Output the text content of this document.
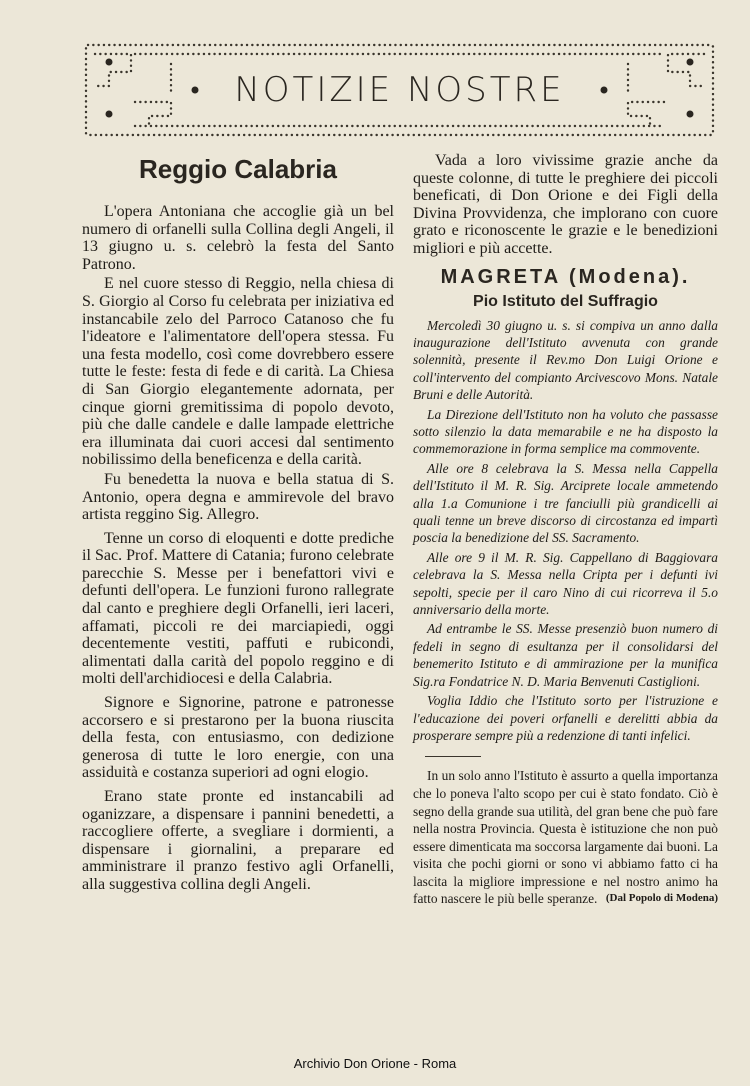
NOTIZIE NOSTRE
Reggio Calabria

L'opera Antoniana che accoglie già un bel numero di orfanelli sulla Collina degli Angeli, il 13 giugno u. s. celebrò la festa del Santo Patrono.

E nel cuore stesso di Reggio, nella chiesa di S. Giorgio al Corso fu celebrata per iniziativa ed instancabile zelo del Parroco Catanoso che fu l'ideatore e l'alimentatore dell'opera stessa. Fu una festa modello, così come dovrebbero essere tutte le feste: festa di fede e di carità. La Chiesa di San Giorgio elegantemente adornata, per cinque giorni gremitissima di popolo devoto, più che dalle candele e dalle lampade elettriche era illuminata dai cuori accesi dal sentimento nobilissimo della beneficenza e della carità.

Fu benedetta la nuova e bella statua di S. Antonio, opera degna e ammirevole del bravo artista reggino Sig. Allegro.

Tenne un corso di eloquenti e dotte prediche il Sac. Prof. Mattere di Catania; furono celebrate parecchie S. Messe per i benefattori vivi e defunti dell'opera. Le funzioni furono rallegrate dal canto e preghiere degli Orfanelli, ieri laceri, affamati, piccoli re dei marciapiedi, oggi decentemente vestiti, paffuti e rubicondi, alimentati dalla carità del popolo reggino e di molti dell'archidiocesi e della Calabria.

Signore e Signorine, patrone e patronesse accorsero e si prestarono per la buona riuscita della festa, con entusiasmo, con dedizione generosa di tutte le loro energie, con una assiduità e costanza superiori ad ogni elogio.

Erano state pronte ed instancabili ad oganizzare, a dispensare i pannini benedetti, a raccogliere offerte, a svegliare i dormienti, a dispensare i giornalini, a preparare ed amministrare il pranzo festivo agli Orfanelli, alla suggestiva collina degli Angeli.

Vada a loro vivissime grazie anche da queste colonne, di tutte le preghiere dei piccoli beneficati, di Don Orione e dei Figli della Divina Provvidenza, che implorano con cuore grato e riconoscente le grazie e le benedizioni migliori e più accette.

MAGRETA (Modena).
Pio Istituto del Suffragio

Mercoledì 30 giugno u. s. si compiva un anno dalla inaugurazione dell'Istituto avvenuta con grande solennità, presente il Rev.mo Don Luigi Orione e coll'intervento del compianto Arcivescovo Mons. Natale Bruni e delle Autorità.

La Direzione dell'Istituto non ha voluto che passasse sotto silenzio la data memarabile e ne ha disposto la commemorazione in forma semplice ma commovente.

Alle ore 8 celebrava la S. Messa nella Cappella dell'Istituto il M. R. Sig. Arciprete locale ammetendo alla 1.a Comunione i tre fanciulli più grandicelli ai quali tenne un breve discorso di circostanza ed impartì poscia la benedizione del SS. Sacramento.

Alle ore 9 il M. R. Sig. Cappellano di Baggiovara celebrava la S. Messa nella Cripta per i defunti ivi sepolti, specie per il caro Nino di cui ricorreva il 5.o anniversario della morte.

Ad entrambe le SS. Messe presenziò buon numero di fedeli in segno di esultanza per il consolidarsi del benemerito Istituto e di ammirazione per la munifica Sig.ra Fondatrice N. D. Maria Benvenuti Castiglioni.

Voglia Iddio che l'Istituto sorto per l'istruzione e l'educazione dei poveri orfanelli e derelitti abbia da prosperare sempre più a redenzione di tanti infelici.

In un solo anno l'Istituto è assurto a quella importanza che lo poneva l'alto scopo per cui è stato fondato. Ciò è segno della grande sua utilità, del gran bene che può fare nella nostra Provincia. Questa è istituzione che non può essere dimenticata ma soccorsa largamente dai buoni. La visita che pochi giorni or sono vi abbiamo fatto ci ha lascita la migliore impressione e nel nostro animo ha fatto nascere le più belle speranze. (Dal Popolo di Modena)
Archivio Don Orione - Roma
